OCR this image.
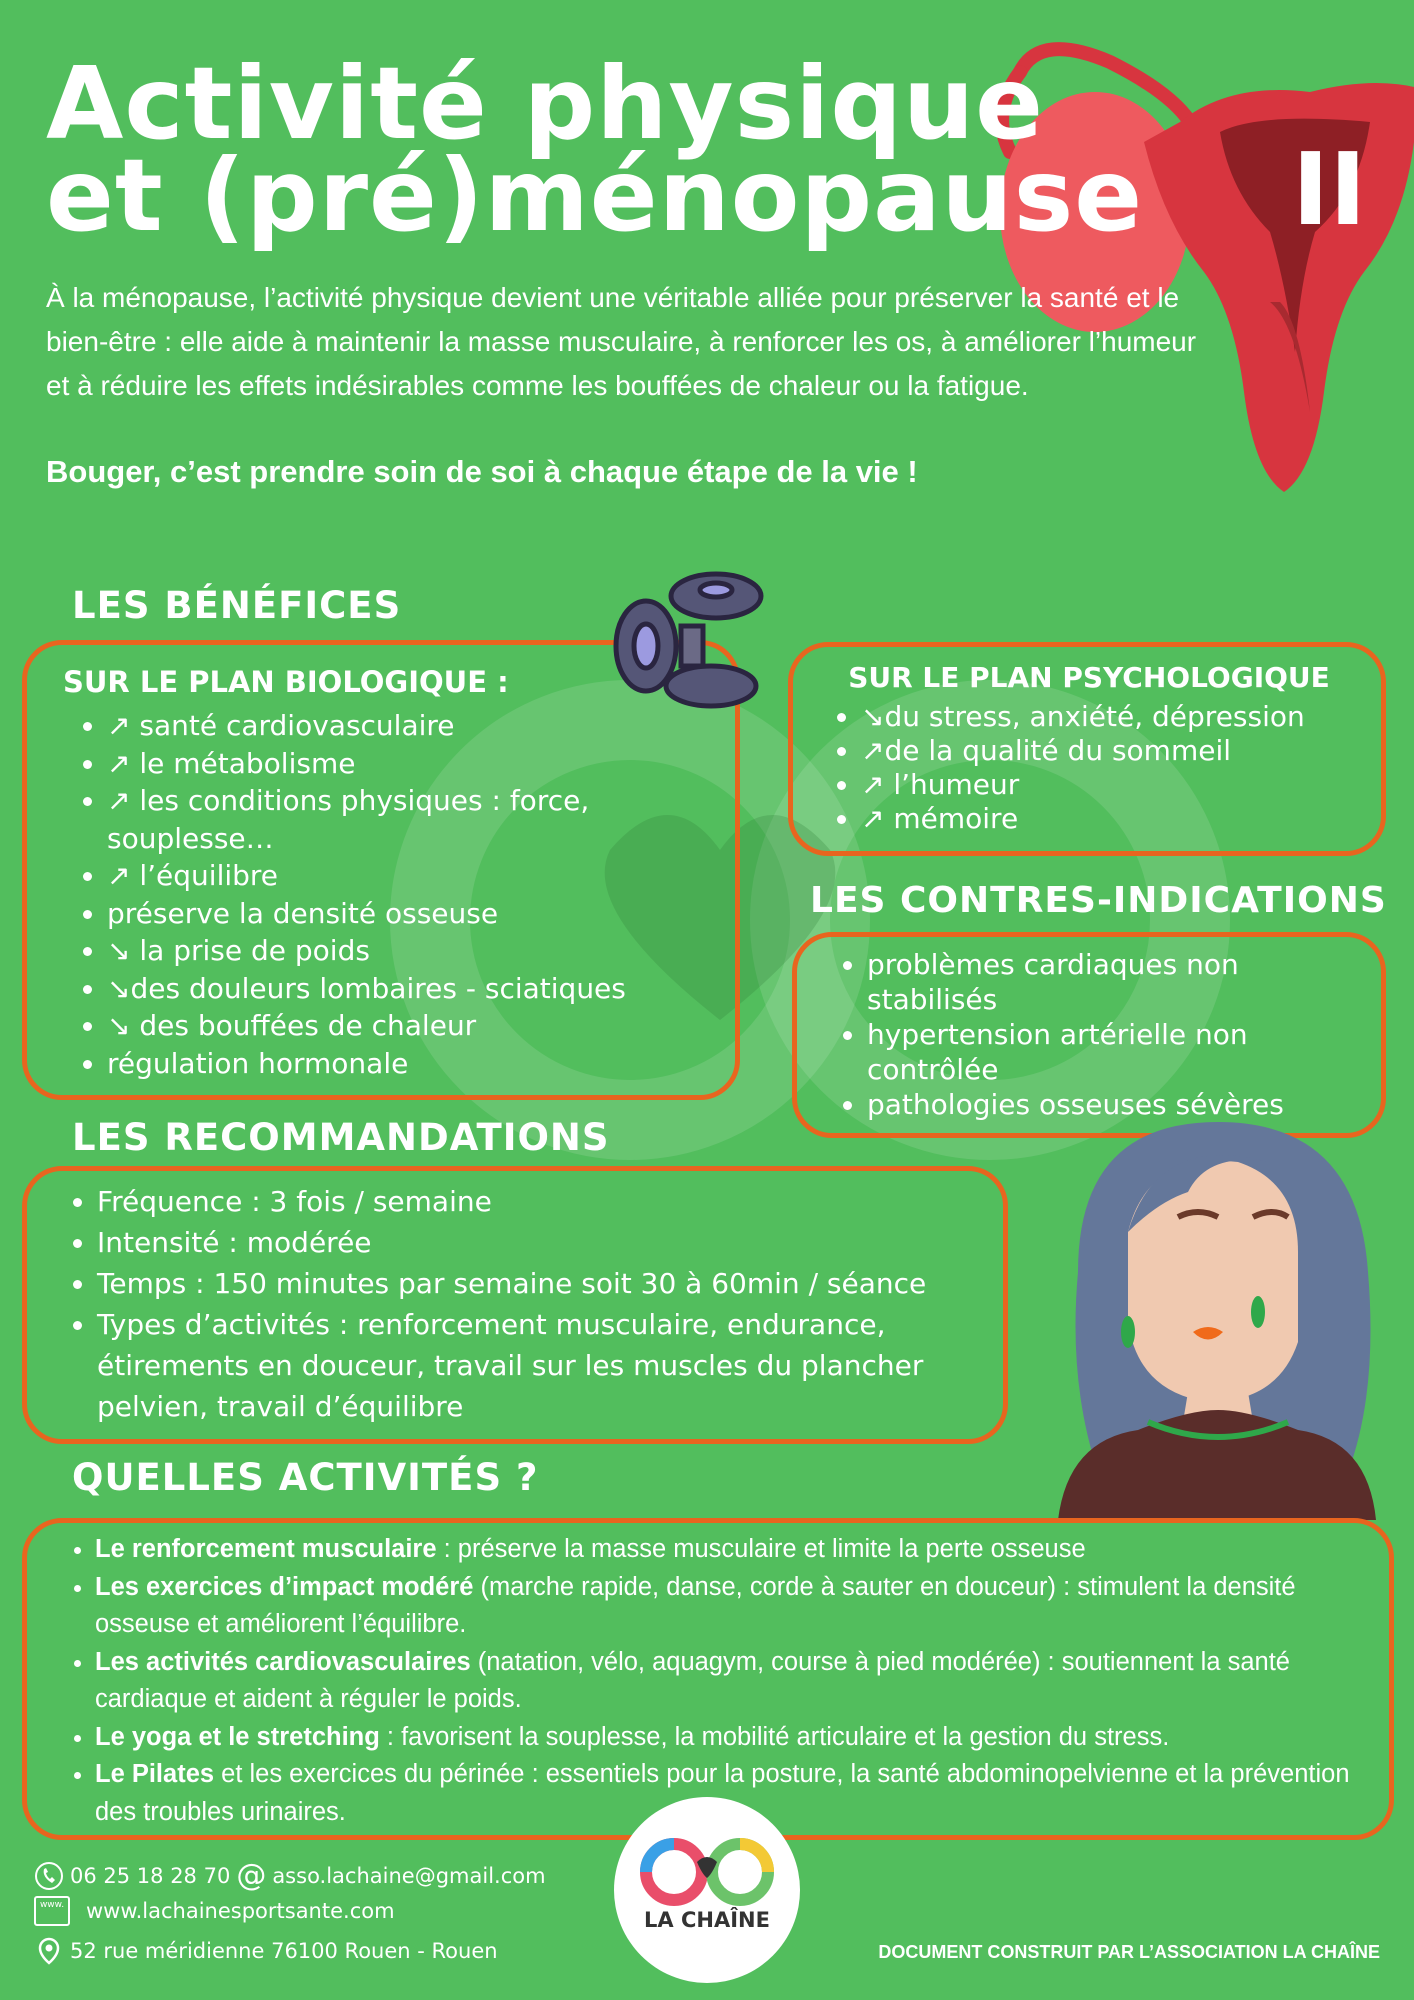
Activité physique
et (pré)ménopause II
À la ménopause, l’activité physique devient une véritable alliée pour préserver la santé et le bien-être : elle aide à maintenir la masse musculaire, à renforcer les os, à améliorer l’humeur et à réduire les effets indésirables comme les bouffées de chaleur ou la fatigue.
Bouger, c’est prendre soin de soi à chaque étape de la vie !
LES BÉNÉFICES

SUR LE PLAN BIOLOGIQUE :

• ↗ santé cardiovasculaire
• ↗ le métabolisme
• ↗ les conditions physiques : force, souplesse…
• ↗ l’équilibre
• préserve la densité osseuse
• ↘ la prise de poids
• ↘des douleurs lombaires - sciatiques
• ↘ des bouffées de chaleur
• régulation hormonale

SUR LE PLAN PSYCHOLOGIQUE

• ↘du stress, anxiété, dépression
• ↗de la qualité du sommeil
• ↗ l’humeur
• ↗ mémoire
LES CONTRES-INDICATIONS
• problèmes cardiaques non stabilisés
• hypertension artérielle non contrôlée
• pathologies osseuses sévères
LES RECOMMANDATIONS
• Fréquence : 3 fois / semaine
• Intensité : modérée
• Temps : 150 minutes par semaine soit 30 à 60min / séance
• Types d’activités : renforcement musculaire, endurance, étirements en douceur, travail sur les muscles du plancher pelvien, travail d’équilibre
QUELLES ACTIVITÉS ?
• Le renforcement musculaire : préserve la masse musculaire et limite la perte osseuse
• Les exercices d’impact modéré (marche rapide, danse, corde à sauter en douceur) : stimulent la densité osseuse et améliorent l’équilibre.
• Les activités cardiovasculaires (natation, vélo, aquagym, course à pied modérée) : soutiennent la santé cardiaque et aident à réguler le poids.
• Le yoga et le stretching : favorisent la souplesse, la mobilité articulaire et la gestion du stress.
• Le Pilates et les exercices du périnée : essentiels pour la posture, la santé abdominopelvienne et la prévention des troubles urinaires.
06 25 18 28 70 @ asso.lachaine@gmail.com
www. www.lachainesportsante.com
52 rue méridienne 76100 Rouen - Rouen
LA CHAÎNE
DOCUMENT CONSTRUIT PAR L’ASSOCIATION LA CHAÎNE
